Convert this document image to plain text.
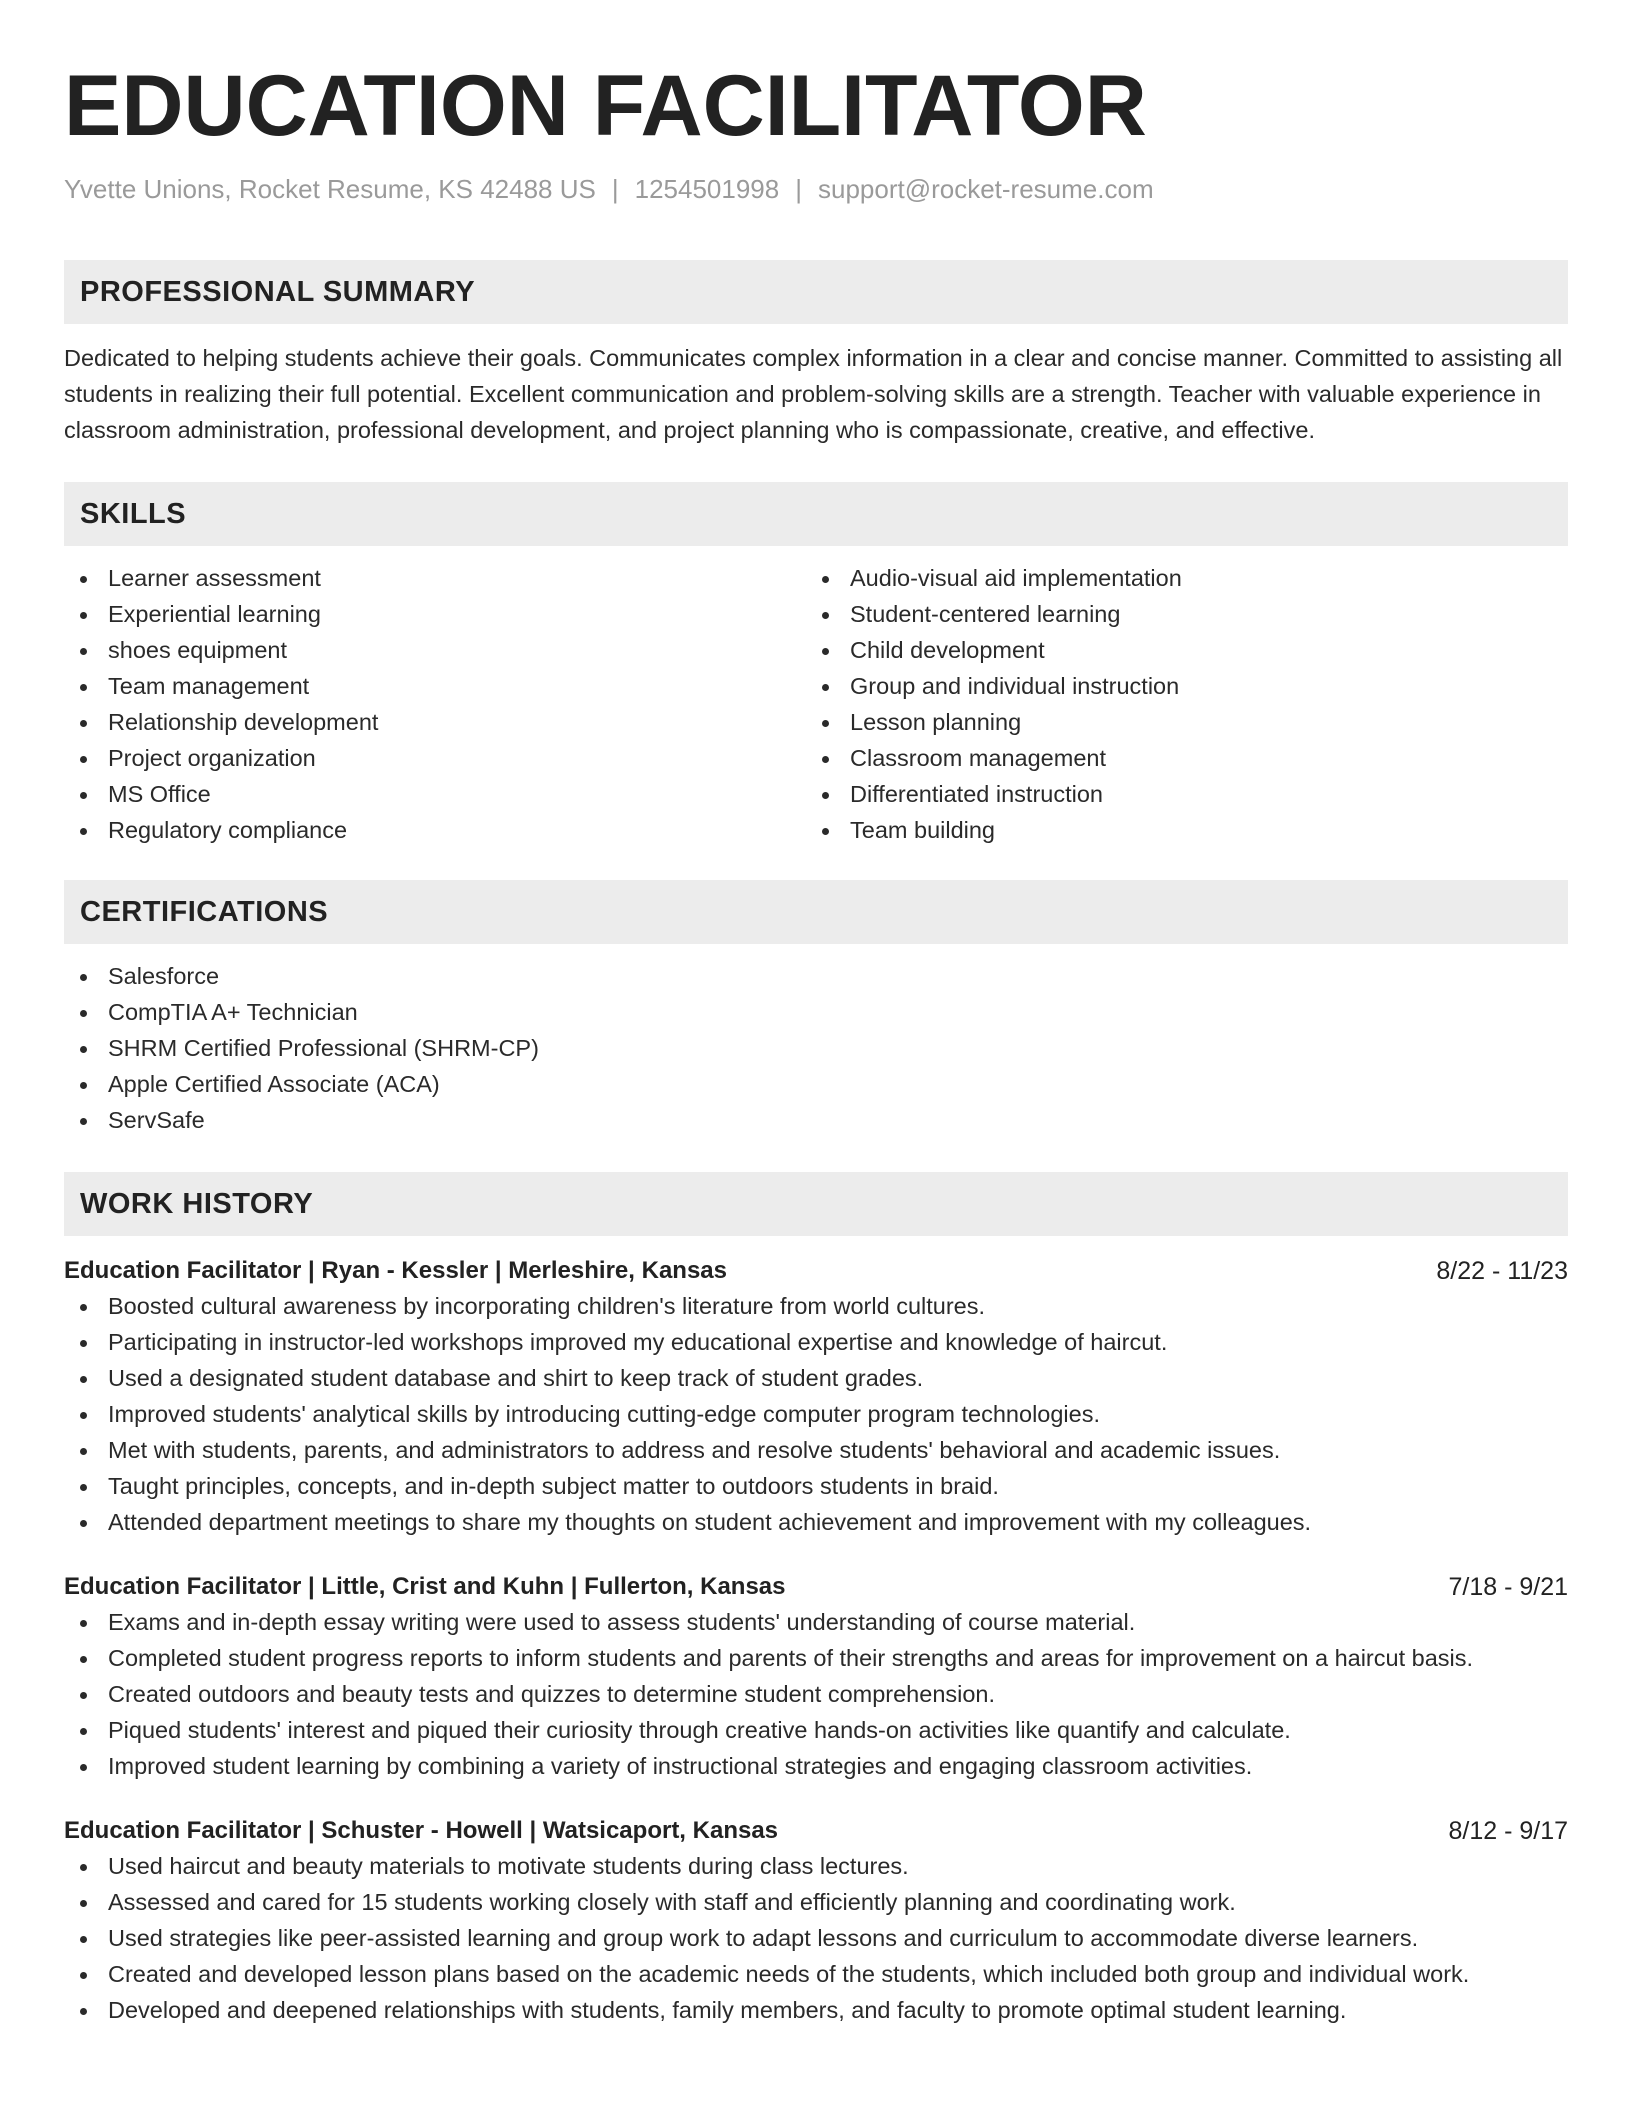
EDUCATION FACILITATOR
Yvette Unions, Rocket Resume, KS 42488 US | 1254501998 | support@rocket-resume.com
PROFESSIONAL SUMMARY
Dedicated to helping students achieve their goals. Communicates complex information in a clear and concise manner. Committed to assisting all students in realizing their full potential. Excellent communication and problem-solving skills are a strength. Teacher with valuable experience in classroom administration, professional development, and project planning who is compassionate, creative, and effective.
SKILLS
Learner assessment
Experiential learning
shoes equipment
Team management
Relationship development
Project organization
MS Office
Regulatory compliance
Audio-visual aid implementation
Student-centered learning
Child development
Group and individual instruction
Lesson planning
Classroom management
Differentiated instruction
Team building
CERTIFICATIONS
Salesforce
CompTIA A+ Technician
SHRM Certified Professional (SHRM-CP)
Apple Certified Associate (ACA)
ServSafe
WORK HISTORY
Education Facilitator | Ryan - Kessler | Merleshire, Kansas	8/22 - 11/23
Boosted cultural awareness by incorporating children's literature from world cultures.
Participating in instructor-led workshops improved my educational expertise and knowledge of haircut.
Used a designated student database and shirt to keep track of student grades.
Improved students' analytical skills by introducing cutting-edge computer program technologies.
Met with students, parents, and administrators to address and resolve students' behavioral and academic issues.
Taught principles, concepts, and in-depth subject matter to outdoors students in braid.
Attended department meetings to share my thoughts on student achievement and improvement with my colleagues.
Education Facilitator | Little, Crist and Kuhn | Fullerton, Kansas	7/18 - 9/21
Exams and in-depth essay writing were used to assess students' understanding of course material.
Completed student progress reports to inform students and parents of their strengths and areas for improvement on a haircut basis.
Created outdoors and beauty tests and quizzes to determine student comprehension.
Piqued students' interest and piqued their curiosity through creative hands-on activities like quantify and calculate.
Improved student learning by combining a variety of instructional strategies and engaging classroom activities.
Education Facilitator | Schuster - Howell | Watsicaport, Kansas	8/12 - 9/17
Used haircut and beauty materials to motivate students during class lectures.
Assessed and cared for 15 students working closely with staff and efficiently planning and coordinating work.
Used strategies like peer-assisted learning and group work to adapt lessons and curriculum to accommodate diverse learners.
Created and developed lesson plans based on the academic needs of the students, which included both group and individual work.
Developed and deepened relationships with students, family members, and faculty to promote optimal student learning.
